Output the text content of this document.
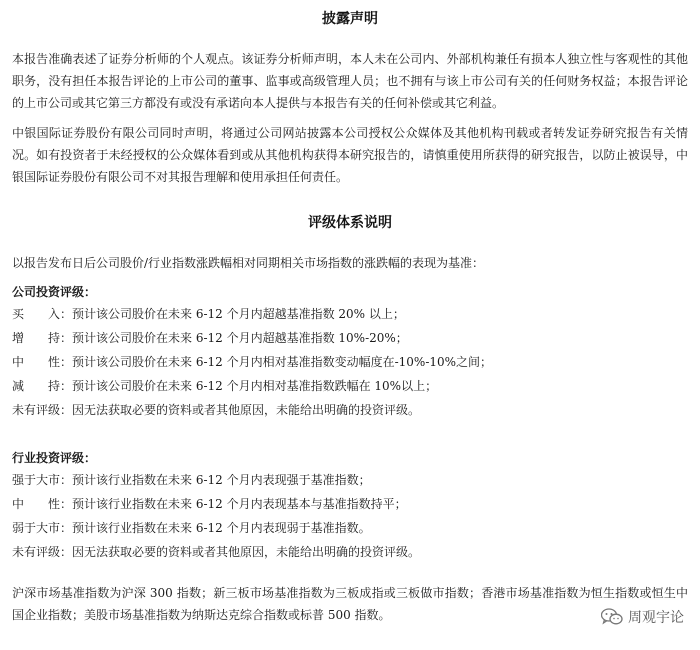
披露声明

本报告准确表述了证券分析师的个人观点。该证券分析师声明，本人未在公司内、外部机构兼任有损本人独立性与客观性的其他职务，没有担任本报告评论的上市公司的董事、监事或高级管理人员；也不拥有与该上市公司有关的任何财务权益；本报告评论的上市公司或其它第三方都没有或没有承诺向本人提供与本报告有关的任何补偿或其它利益。

中银国际证券股份有限公司同时声明，将通过公司网站披露本公司授权公众媒体及其他机构刊载或者转发证券研究报告有关情况。如有投资者于未经授权的公众媒体看到或从其他机构获得本研究报告的，请慎重使用所获得的研究报告，以防止被误导，中银国际证券股份有限公司不对其报告理解和使用承担任何责任。

评级体系说明
以报告发布日后公司股价/行业指数涨跌幅相对同期相关市场指数的涨跌幅的表现为基准：
公司投资评级：
买　　入：预计该公司股价在未来 6-12 个月内超越基准指数 20% 以上；
增　　持：预计该公司股价在未来 6-12 个月内超越基准指数 10%-20%；
中　　性：预计该公司股价在未来 6-12 个月内相对基准指数变动幅度在-10%-10%之间；
减　　持：预计该公司股价在未来 6-12 个月内相对基准指数跌幅在 10%以上；
未有评级：因无法获取必要的资料或者其他原因，未能给出明确的投资评级。
行业投资评级：
强于大市：预计该行业指数在未来 6-12 个月内表现强于基准指数；
中　　性：预计该行业指数在未来 6-12 个月内表现基本与基准指数持平；
弱于大市：预计该行业指数在未来 6-12 个月内表现弱于基准指数。
未有评级：因无法获取必要的资料或者其他原因，未能给出明确的投资评级。

沪深市场基准指数为沪深 300 指数；新三板市场基准指数为三板成指或三板做市指数；香港市场基准指数为恒生指数或恒生中国企业指数；美股市场基准指数为纳斯达克综合指数或标普 500 指数。	周观宇论
